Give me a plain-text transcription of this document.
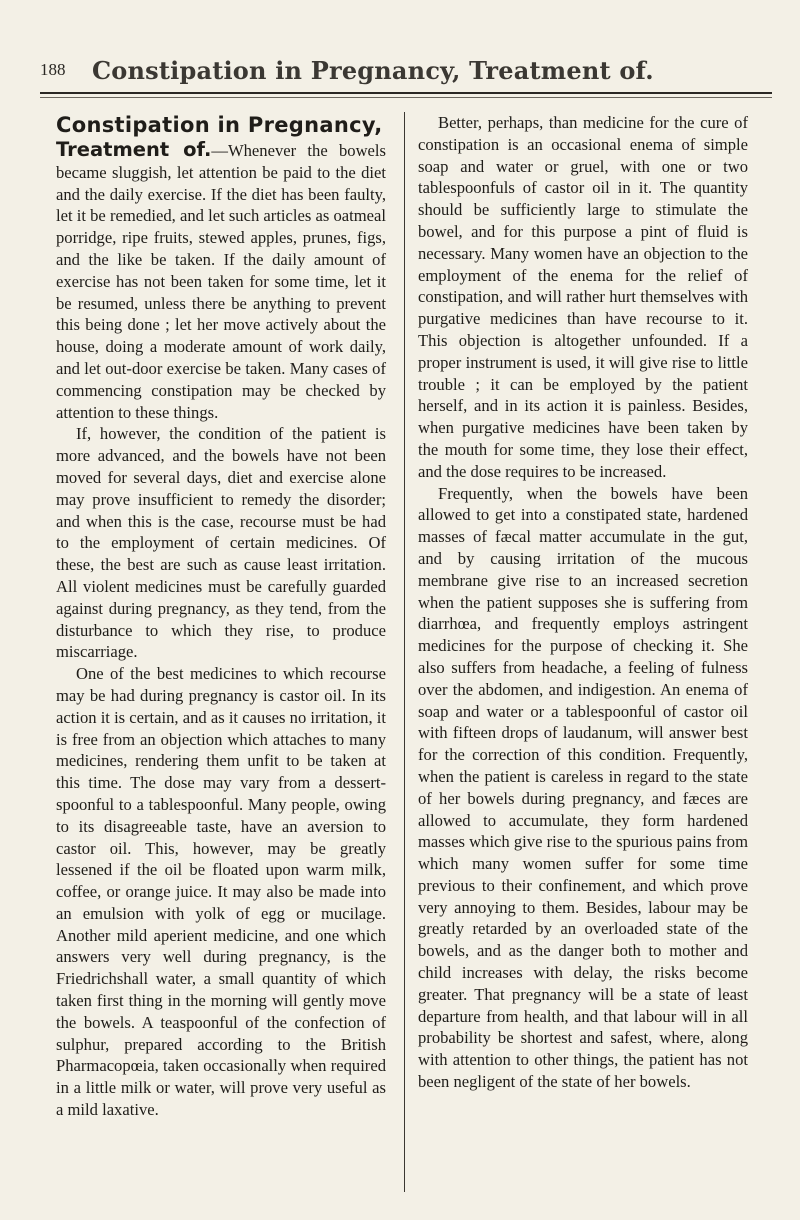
188 Constipation in Pregnancy, Treatment of.
Constipation in Pregnancy,

Treatment of.—Whenever the bowels became sluggish, let attention be paid to the diet and the daily exercise. If the diet has been faulty, let it be remedied, and let such articles as oatmeal porridge, ripe fruits, stewed apples, prunes, figs, and the like be taken. If the daily amount of exercise has not been taken for some time, let it be resumed, unless there be anything to prevent this being done ; let her move actively about the house, doing a moderate amount of work daily, and let out-door exercise be taken. Many cases of commencing constipation may be checked by attention to these things.

If, however, the condition of the patient is more advanced, and the bowels have not been moved for several days, diet and exercise alone may prove insufficient to remedy the disorder; and when this is the case, recourse must be had to the employment of certain medicines. Of these, the best are such as cause least irritation. All violent medicines must be carefully guarded against during pregnancy, as they tend, from the disturbance to which they rise, to produce miscarriage.

One of the best medicines to which recourse may be had during pregnancy is castor oil. In its action it is certain, and as it causes no irritation, it is free from an objection which attaches to many medicines, rendering them unfit to be taken at this time. The dose may vary from a dessert-spoonful to a tablespoonful. Many people, owing to its disagreeable taste, have an aversion to castor oil. This, however, may be greatly lessened if the oil be floated upon warm milk, coffee, or orange juice. It may also be made into an emulsion with yolk of egg or mucilage. Another mild aperient medicine, and one which answers very well during pregnancy, is the Friedrichshall water, a small quantity of which taken first thing in the morning will gently move the bowels. A teaspoonful of the confection of sulphur, prepared according to the British Pharmacopœia, taken occasionally when required in a little milk or water, will prove very useful as a mild laxative.

Better, perhaps, than medicine for the cure of constipation is an occasional enema of simple soap and water or gruel, with one or two tablespoonfuls of castor oil in it. The quantity should be sufficiently large to stimulate the bowel, and for this purpose a pint of fluid is necessary. Many women have an objection to the employment of the enema for the relief of constipation, and will rather hurt themselves with purgative medicines than have recourse to it. This objection is altogether unfounded. If a proper instrument is used, it will give rise to little trouble ; it can be employed by the patient herself, and in its action it is painless. Besides, when purgative medicines have been taken by the mouth for some time, they lose their effect, and the dose requires to be increased.

Frequently, when the bowels have been allowed to get into a constipated state, hardened masses of fæcal matter accumulate in the gut, and by causing irritation of the mucous membrane give rise to an increased secretion when the patient supposes she is suffering from diarrhœa, and frequently employs astringent medicines for the purpose of checking it. She also suffers from headache, a feeling of fulness over the abdomen, and indigestion. An enema of soap and water or a tablespoonful of castor oil with fifteen drops of laudanum, will answer best for the correction of this condition. Frequently, when the patient is careless in regard to the state of her bowels during pregnancy, and fæces are allowed to accumulate, they form hardened masses which give rise to the spurious pains from which many women suffer for some time previous to their confinement, and which prove very annoying to them. Besides, labour may be greatly retarded by an overloaded state of the bowels, and as the danger both to mother and child increases with delay, the risks become greater. That pregnancy will be a state of least departure from health, and that labour will in all probability be shortest and safest, where, along with attention to other things, the patient has not been negligent of the state of her bowels.
